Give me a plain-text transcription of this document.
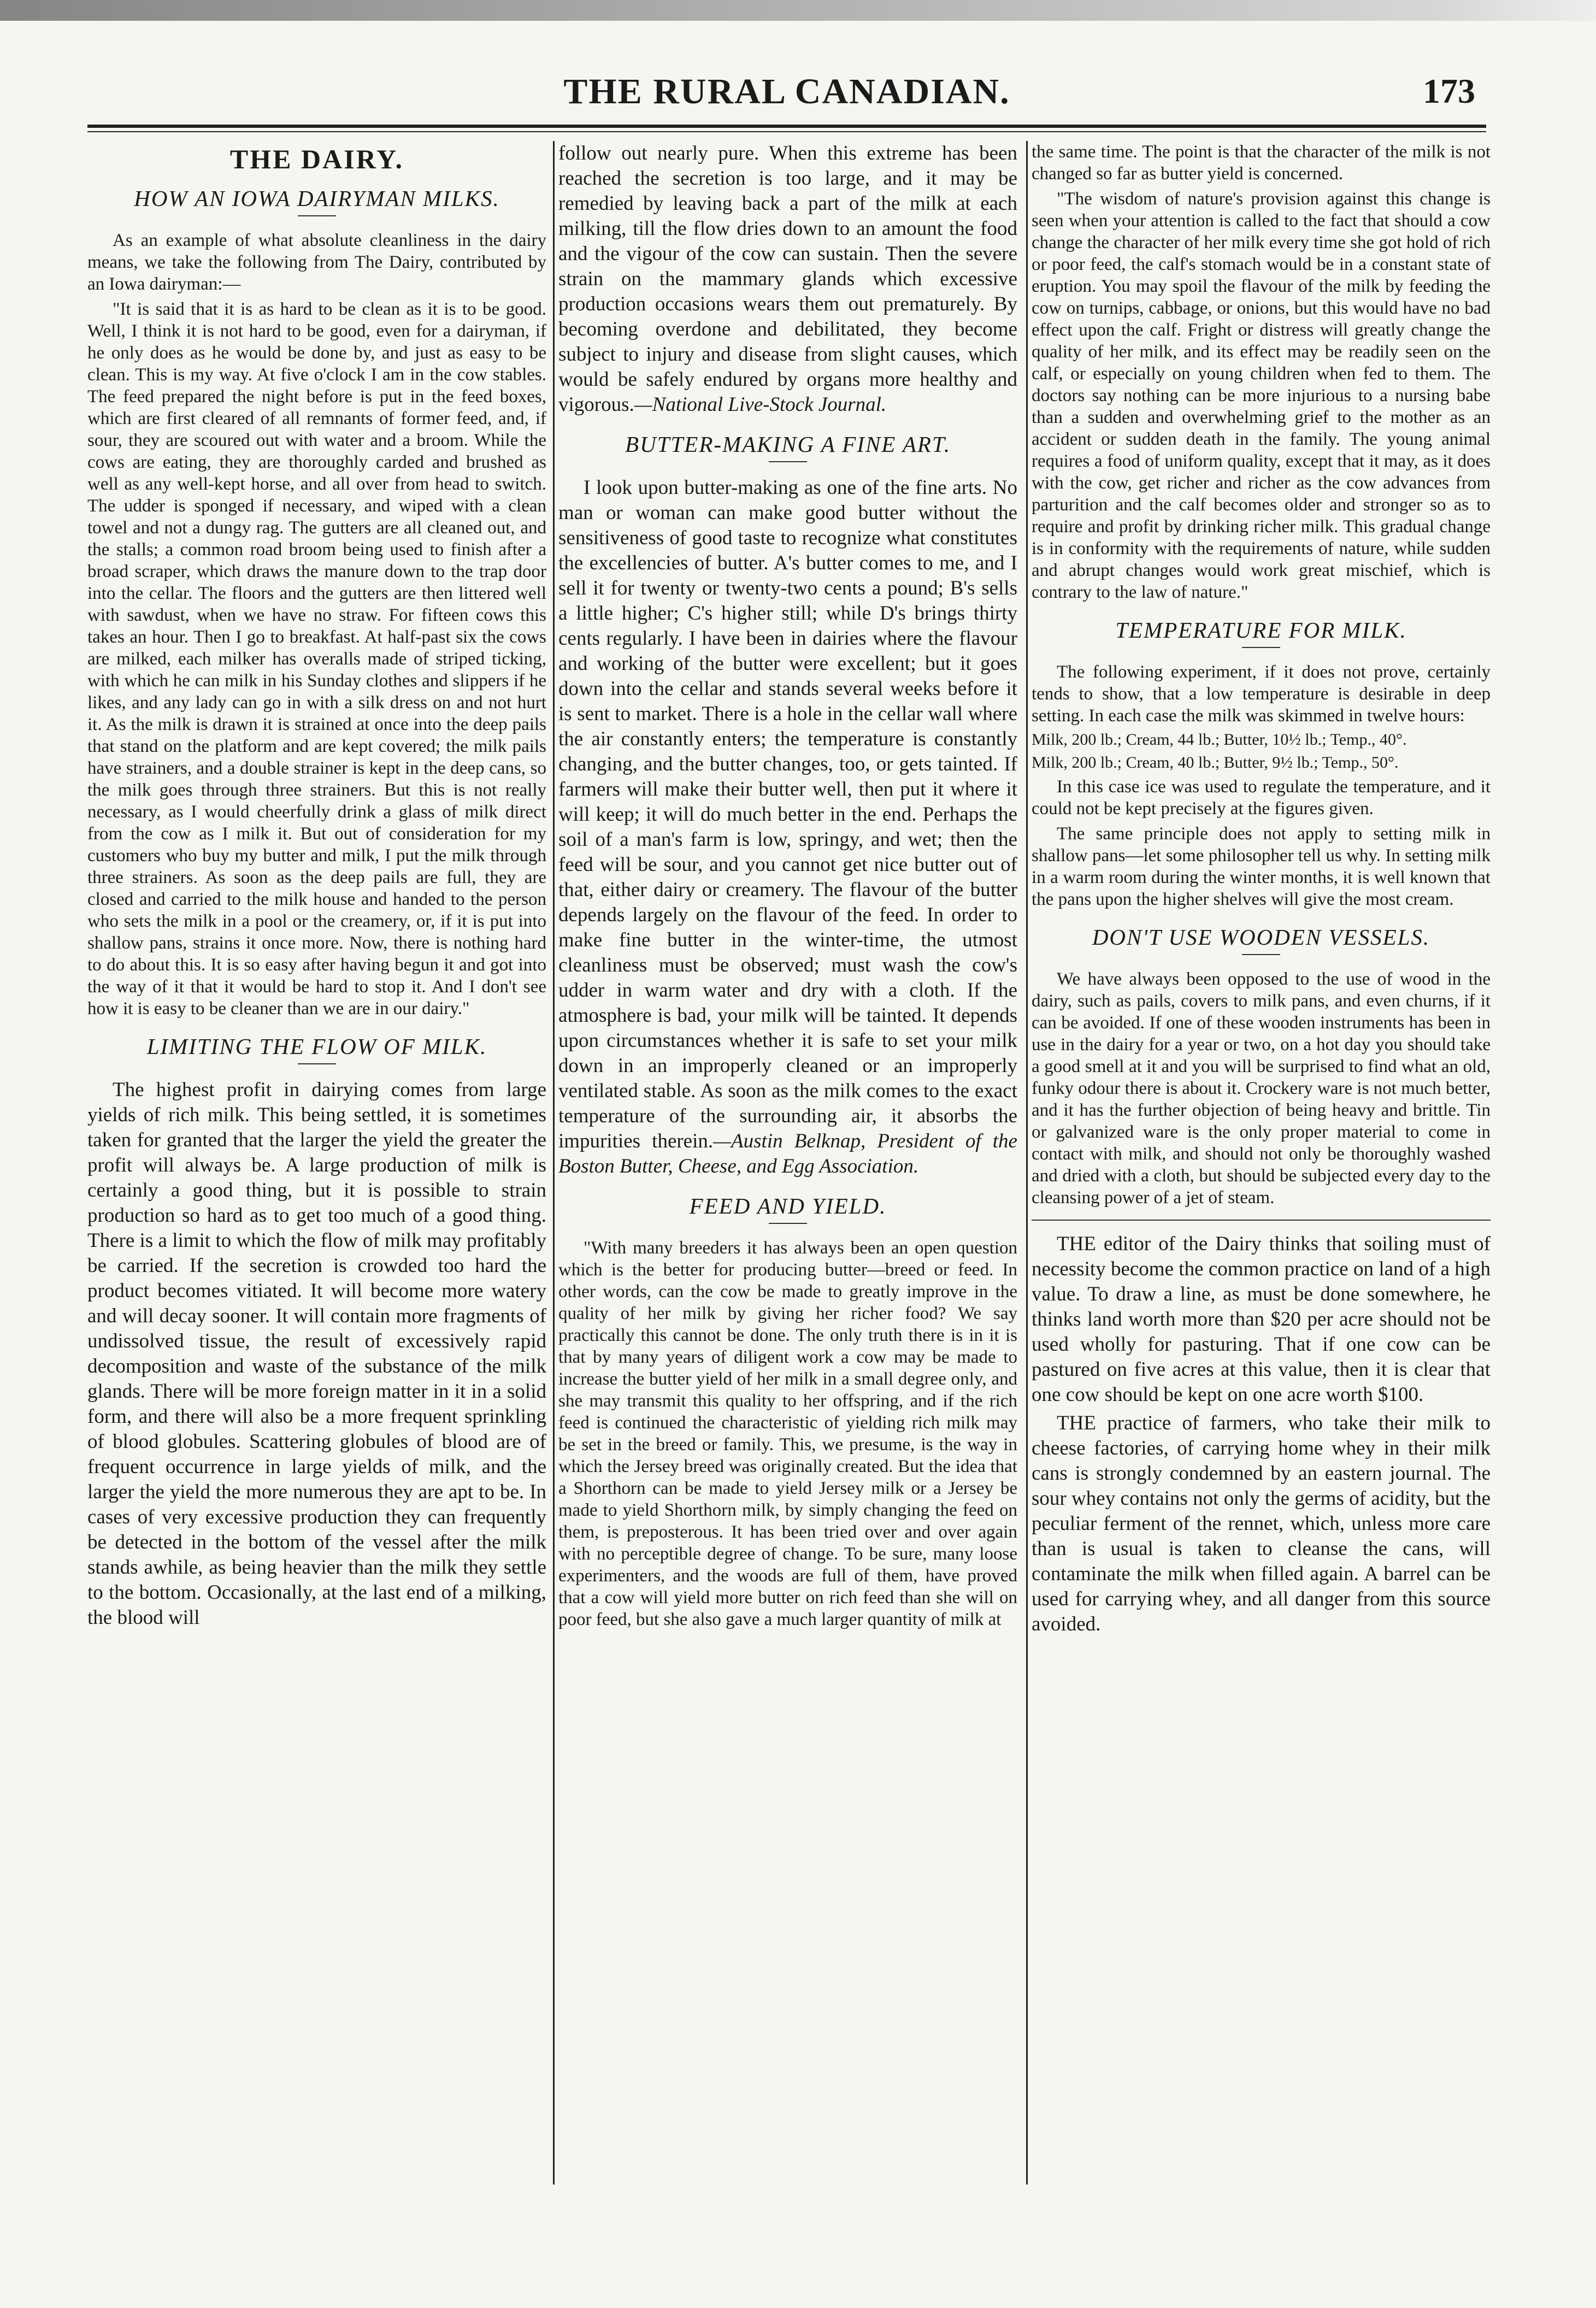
THE RURAL CANADIAN.	173
THE DAIRY.
HOW AN IOWA DAIRYMAN MILKS.

As an example of what absolute cleanliness in the dairy means, we take the following from The Dairy, contributed by an Iowa dairyman:—

"It is said that it is as hard to be clean as it is to be good. Well, I think it is not hard to be good, even for a dairyman, if he only does as he would be done by, and just as easy to be clean. This is my way. At five o'clock I am in the cow stables. The feed prepared the night before is put in the feed boxes, which are first cleared of all remnants of former feed, and, if sour, they are scoured out with water and a broom. While the cows are eating, they are thoroughly carded and brushed as well as any well-kept horse, and all over from head to switch. The udder is sponged if necessary, and wiped with a clean towel and not a dungy rag. The gutters are all cleaned out, and the stalls; a common road broom being used to finish after a broad scraper, which draws the manure down to the trap door into the cellar. The floors and the gutters are then littered well with sawdust, when we have no straw. For fifteen cows this takes an hour. Then I go to breakfast. At half-past six the cows are milked, each milker has overalls made of striped ticking, with which he can milk in his Sunday clothes and slippers if he likes, and any lady can go in with a silk dress on and not hurt it. As the milk is drawn it is strained at once into the deep pails that stand on the platform and are kept covered; the milk pails have strainers, and a double strainer is kept in the deep cans, so the milk goes through three strainers. But this is not really necessary, as I would cheerfully drink a glass of milk direct from the cow as I milk it. But out of consideration for my customers who buy my butter and milk, I put the milk through three strainers. As soon as the deep pails are full, they are closed and carried to the milk house and handed to the person who sets the milk in a pool or the creamery, or, if it is put into shallow pans, strains it once more. Now, there is nothing hard to do about this. It is so easy after having begun it and got into the way of it that it would be hard to stop it. And I don't see how it is easy to be cleaner than we are in our dairy."

LIMITING THE FLOW OF MILK.

The highest profit in dairying comes from large yields of rich milk. This being settled, it is sometimes taken for granted that the larger the yield the greater the profit will always be. A large production of milk is certainly a good thing, but it is possible to strain production so hard as to get too much of a good thing. There is a limit to which the flow of milk may profitably be carried. If the secretion is crowded too hard the product becomes vitiated. It will become more watery and will decay sooner. It will contain more fragments of undissolved tissue, the result of excessively rapid decomposition and waste of the substance of the milk glands. There will be more foreign matter in it in a solid form, and there will also be a more frequent sprinkling of blood globules. Scattering globules of blood are of frequent occurrence in large yields of milk, and the larger the yield the more numerous they are apt to be. In cases of very excessive production they can frequently be detected in the bottom of the vessel after the milk stands awhile, as being heavier than the milk they settle to the bottom. Occasionally, at the last end of a milking, the blood will

follow out nearly pure. When this extreme has been reached the secretion is too large, and it may be remedied by leaving back a part of the milk at each milking, till the flow dries down to an amount the food and the vigour of the cow can sustain. Then the severe strain on the mammary glands which excessive production occasions wears them out prematurely. By becoming overdone and debilitated, they become subject to injury and disease from slight causes, which would be safely endured by organs more healthy and vigorous.—National Live-Stock Journal.

BUTTER-MAKING A FINE ART.

I look upon butter-making as one of the fine arts. No man or woman can make good butter without the sensitiveness of good taste to recognize what constitutes the excellencies of butter. A's butter comes to me, and I sell it for twenty or twenty-two cents a pound; B's sells a little higher; C's higher still; while D's brings thirty cents regularly. I have been in dairies where the flavour and working of the butter were excellent; but it goes down into the cellar and stands several weeks before it is sent to market. There is a hole in the cellar wall where the air constantly enters; the temperature is constantly changing, and the butter changes, too, or gets tainted. If farmers will make their butter well, then put it where it will keep; it will do much better in the end. Perhaps the soil of a man's farm is low, springy, and wet; then the feed will be sour, and you cannot get nice butter out of that, either dairy or creamery. The flavour of the butter depends largely on the flavour of the feed. In order to make fine butter in the winter-time, the utmost cleanliness must be observed; must wash the cow's udder in warm water and dry with a cloth. If the atmosphere is bad, your milk will be tainted. It depends upon circumstances whether it is safe to set your milk down in an improperly cleaned or an improperly ventilated stable. As soon as the milk comes to the exact temperature of the surrounding air, it absorbs the impurities therein.—Austin Belknap, President of the Boston Butter, Cheese, and Egg Association.

FEED AND YIELD.

"With many breeders it has always been an open question which is the better for producing butter—breed or feed. In other words, can the cow be made to greatly improve in the quality of her milk by giving her richer food? We say practically this cannot be done. The only truth there is in it is that by many years of diligent work a cow may be made to increase the butter yield of her milk in a small degree only, and she may transmit this quality to her offspring, and if the rich feed is continued the characteristic of yielding rich milk may be set in the breed or family. This, we presume, is the way in which the Jersey breed was originally created. But the idea that a Shorthorn can be made to yield Jersey milk or a Jersey be made to yield Shorthorn milk, by simply changing the feed on them, is preposterous. It has been tried over and over again with no perceptible degree of change. To be sure, many loose experimenters, and the woods are full of them, have proved that a cow will yield more butter on rich feed than she will on poor feed, but she also gave a much larger quantity of milk at

the same time. The point is that the character of the milk is not changed so far as butter yield is concerned.

"The wisdom of nature's provision against this change is seen when your attention is called to the fact that should a cow change the character of her milk every time she got hold of rich or poor feed, the calf's stomach would be in a constant state of eruption. You may spoil the flavour of the milk by feeding the cow on turnips, cabbage, or onions, but this would have no bad effect upon the calf. Fright or distress will greatly change the quality of her milk, and its effect may be readily seen on the calf, or especially on young children when fed to them. The doctors say nothing can be more injurious to a nursing babe than a sudden and overwhelming grief to the mother as an accident or sudden death in the family. The young animal requires a food of uniform quality, except that it may, as it does with the cow, get richer and richer as the cow advances from parturition and the calf becomes older and stronger so as to require and profit by drinking richer milk. This gradual change is in conformity with the requirements of nature, while sudden and abrupt changes would work great mischief, which is contrary to the law of nature."

TEMPERATURE FOR MILK.

The following experiment, if it does not prove, certainly tends to show, that a low temperature is desirable in deep setting. In each case the milk was skimmed in twelve hours:

Milk, 200 lb.; Cream, 44 lb.; Butter, 10½ lb.; Temp., 40°.
Milk, 200 lb.; Cream, 40 lb.; Butter, 9½ lb.; Temp., 50°.

In this case ice was used to regulate the temperature, and it could not be kept precisely at the figures given.

The same principle does not apply to setting milk in shallow pans—let some philosopher tell us why. In setting milk in a warm room during the winter months, it is well known that the pans upon the higher shelves will give the most cream.

DON'T USE WOODEN VESSELS.

We have always been opposed to the use of wood in the dairy, such as pails, covers to milk pans, and even churns, if it can be avoided. If one of these wooden instruments has been in use in the dairy for a year or two, on a hot day you should take a good smell at it and you will be surprised to find what an old, funky odour there is about it. Crockery ware is not much better, and it has the further objection of being heavy and brittle. Tin or galvanized ware is the only proper material to come in contact with milk, and should not only be thoroughly washed and dried with a cloth, but should be subjected every day to the cleansing power of a jet of steam.

THE editor of the Dairy thinks that soiling must of necessity become the common practice on land of a high value. To draw a line, as must be done somewhere, he thinks land worth more than $20 per acre should not be used wholly for pasturing. That if one cow can be pastured on five acres at this value, then it is clear that one cow should be kept on one acre worth $100.

THE practice of farmers, who take their milk to cheese factories, of carrying home whey in their milk cans is strongly condemned by an eastern journal. The sour whey contains not only the germs of acidity, but the peculiar ferment of the rennet, which, unless more care than is usual is taken to cleanse the cans, will contaminate the milk when filled again. A barrel can be used for carrying whey, and all danger from this source avoided.
